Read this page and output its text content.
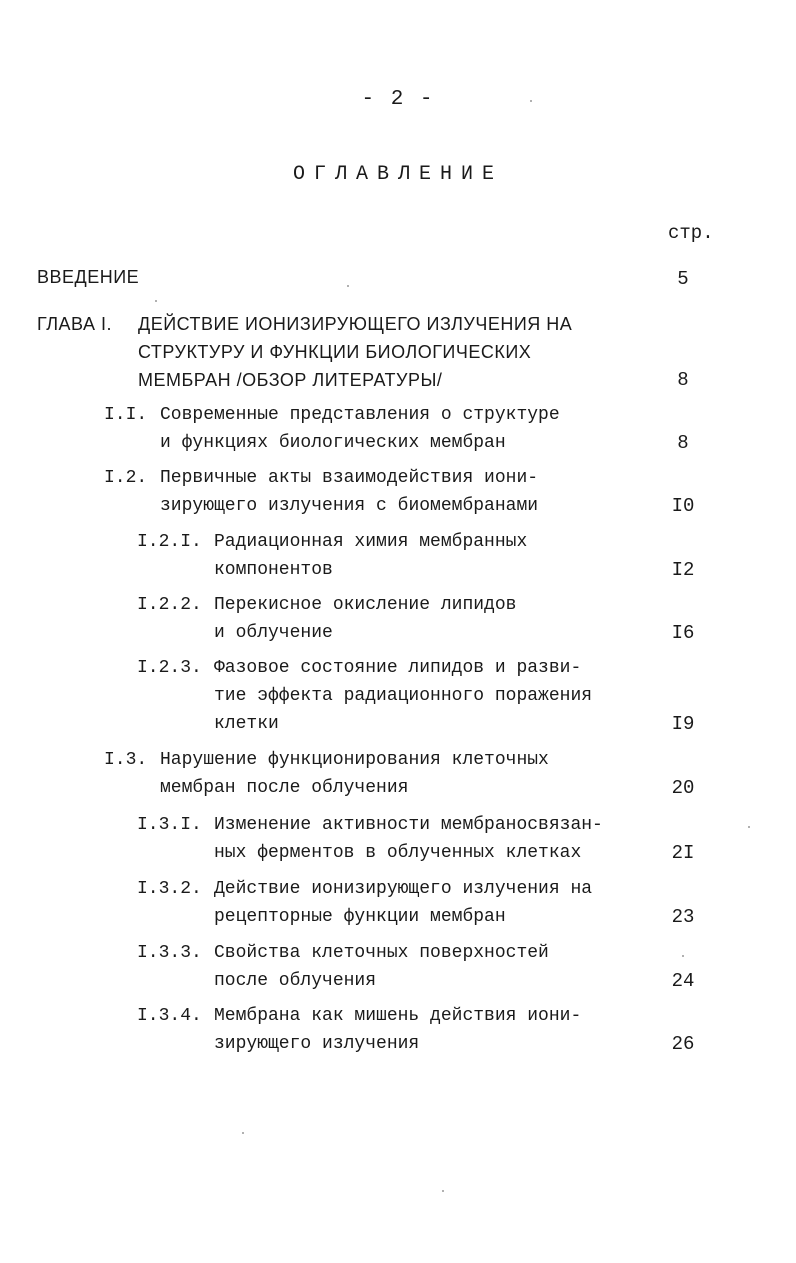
- 2 -
ОГЛАВЛЕНИЕ
стр.
ВВЕДЕНИЕ	5
ГЛАВА I. ДЕЙСТВИЕ ИОНИЗИРУЮЩЕГО ИЗЛУЧЕНИЯ НА
СТРУКТУРУ И ФУНКЦИИ БИОЛОГИЧЕСКИХ
МЕМБРАН /ОБЗОР ЛИТЕРАТУРЫ/	8
I.I. Современные представления о структуре
и функциях биологических мембран	8
I.2. Первичные акты взаимодействия иони-
зирующего излучения с биомембранами	I0
I.2.I. Радиационная химия мембранных
компонентов	I2
I.2.2. Перекисное окисление липидов
и облучение	I6
I.2.3. Фазовое состояние липидов и разви-
тие эффекта радиационного поражения
клетки	I9
I.3. Нарушение функционирования клеточных
мембран после облучения	20
I.3.I. Изменение активности мембраносвязан-
ных ферментов в облученных клетках	2I
I.3.2. Действие ионизирующего излучения на
рецепторные функции мембран	23
I.3.3. Свойства клеточных поверхностей
после облучения	24
I.3.4. Мембрана как мишень действия иони-
зирующего излучения	26
